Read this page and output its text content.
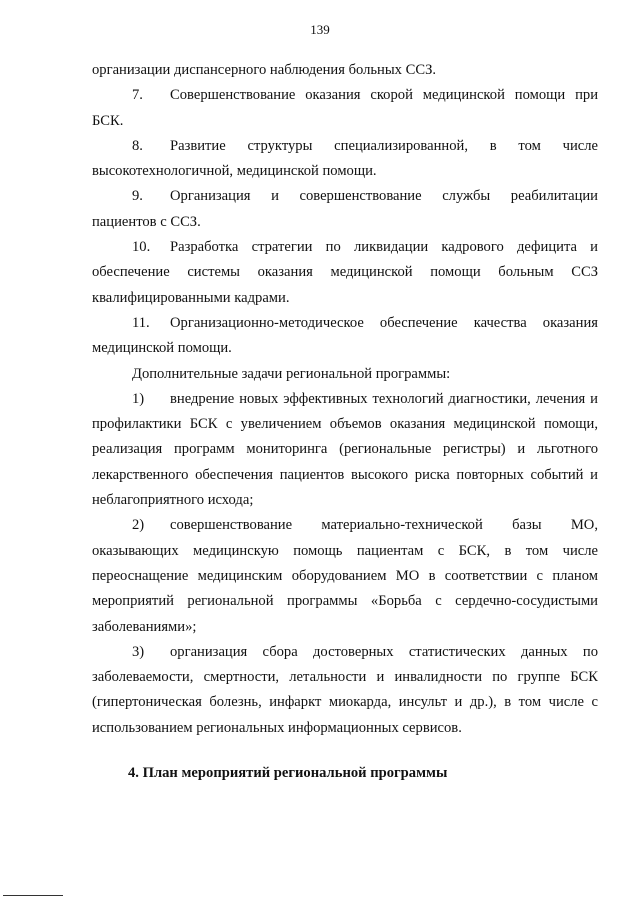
139

организации диспансерного наблюдения больных ССЗ.

7. Совершенствование оказания скорой медицинской помощи при БСК.

8. Развитие структуры специализированной, в том числе высокотехнологичной, медицинской помощи.

9. Организация и совершенствование службы реабилитации пациентов с ССЗ.

10. Разработка стратегии по ликвидации кадрового дефицита и обеспечение системы оказания медицинской помощи больным ССЗ квалифицированными кадрами.

11. Организационно-методическое обеспечение качества оказания медицинской помощи.

Дополнительные задачи региональной программы:

1) внедрение новых эффективных технологий диагностики, лечения и профилактики БСК с увеличением объемов оказания медицинской помощи, реализация программ мониторинга (региональные регистры) и льготного лекарственного обеспечения пациентов высокого риска повторных событий и неблагоприятного исхода;

2) совершенствование материально-технической базы МО, оказывающих медицинскую помощь пациентам с БСК, в том числе переоснащение медицинским оборудованием МО в соответствии с планом мероприятий региональной программы «Борьба с сердечно-сосудистыми заболеваниями»;

3) организация сбора достоверных статистических данных по заболеваемости, смертности, летальности и инвалидности по группе БСК (гипертоническая болезнь, инфаркт миокарда, инсульт и др.), в том числе с использованием региональных информационных сервисов.

4. План мероприятий региональной программы
